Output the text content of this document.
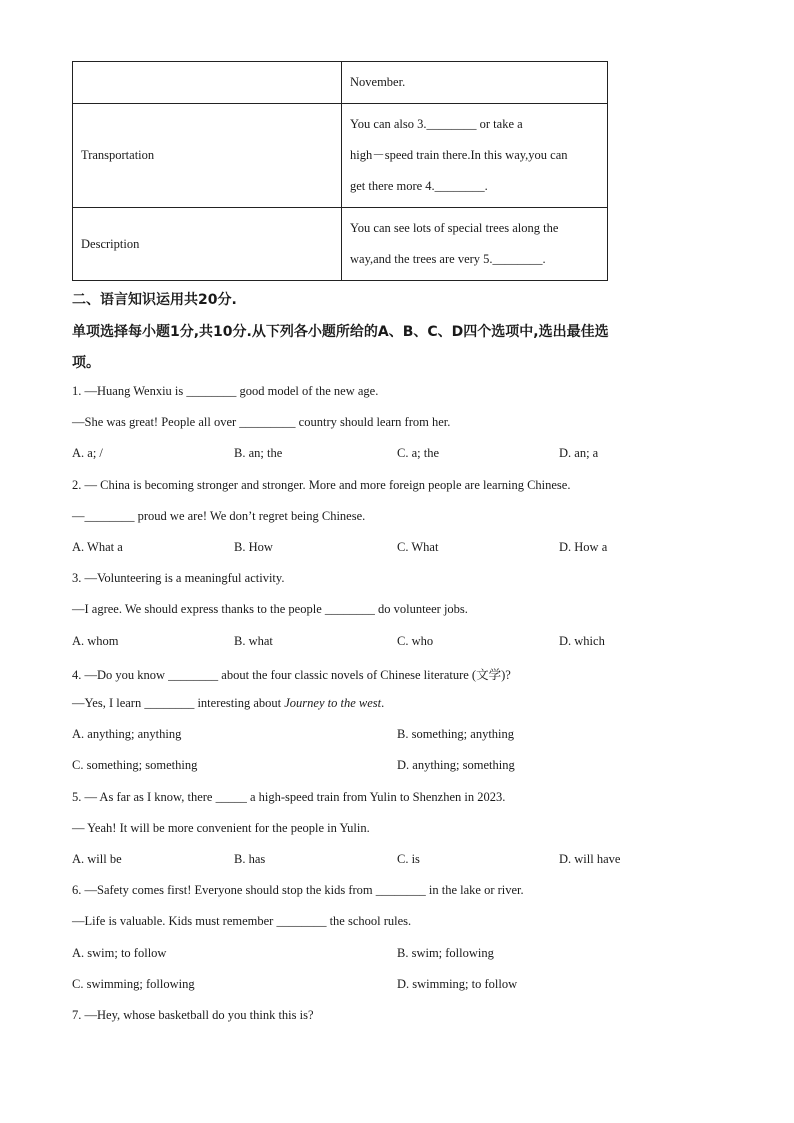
	November.
Transportation	You can also 3.________ or take a
high－speed train there.In this way,you can
get there more 4.________.

Description	You can see lots of special trees along the
way,and the trees are very 5.________.
二、语言知识运用共20分.
单项选择每小题1分,共10分.从下列各小题所给的A、B、C、D四个选项中,选出最佳选
项。
1. —Huang Wenxiu is ________ good model of the new age.
—She was great! People all over _________ country should learn from her.
A. a; /	B. an; the	C. a; the	D. an; a
2. — China is becoming stronger and stronger. More and more foreign people are learning Chinese.
—________ proud we are! We don’t regret being Chinese.
A. What a	B. How	C. What	D. How a
3. —Volunteering is a meaningful activity.
—I agree. We should express thanks to the people ________ do volunteer jobs.
A. whom	B. what	C. who	D. which
4. —Do you know ________ about the four classic novels of Chinese literature (文学)?
—Yes, I learn ________ interesting about Journey to the west.
A. anything; anything	B. something; anything
C. something; something	D. anything; something
5. — As far as I know, there _____ a high-speed train from Yulin to Shenzhen in 2023.
— Yeah! It will be more convenient for the people in Yulin.
A. will be	B. has	C. is	D. will have
6. —Safety comes first! Everyone should stop the kids from ________ in the lake or river.
—Life is valuable. Kids must remember ________ the school rules.
A. swim; to follow	B. swim; following
C. swimming; following	D. swimming; to follow
7. —Hey, whose basketball do you think this is?
